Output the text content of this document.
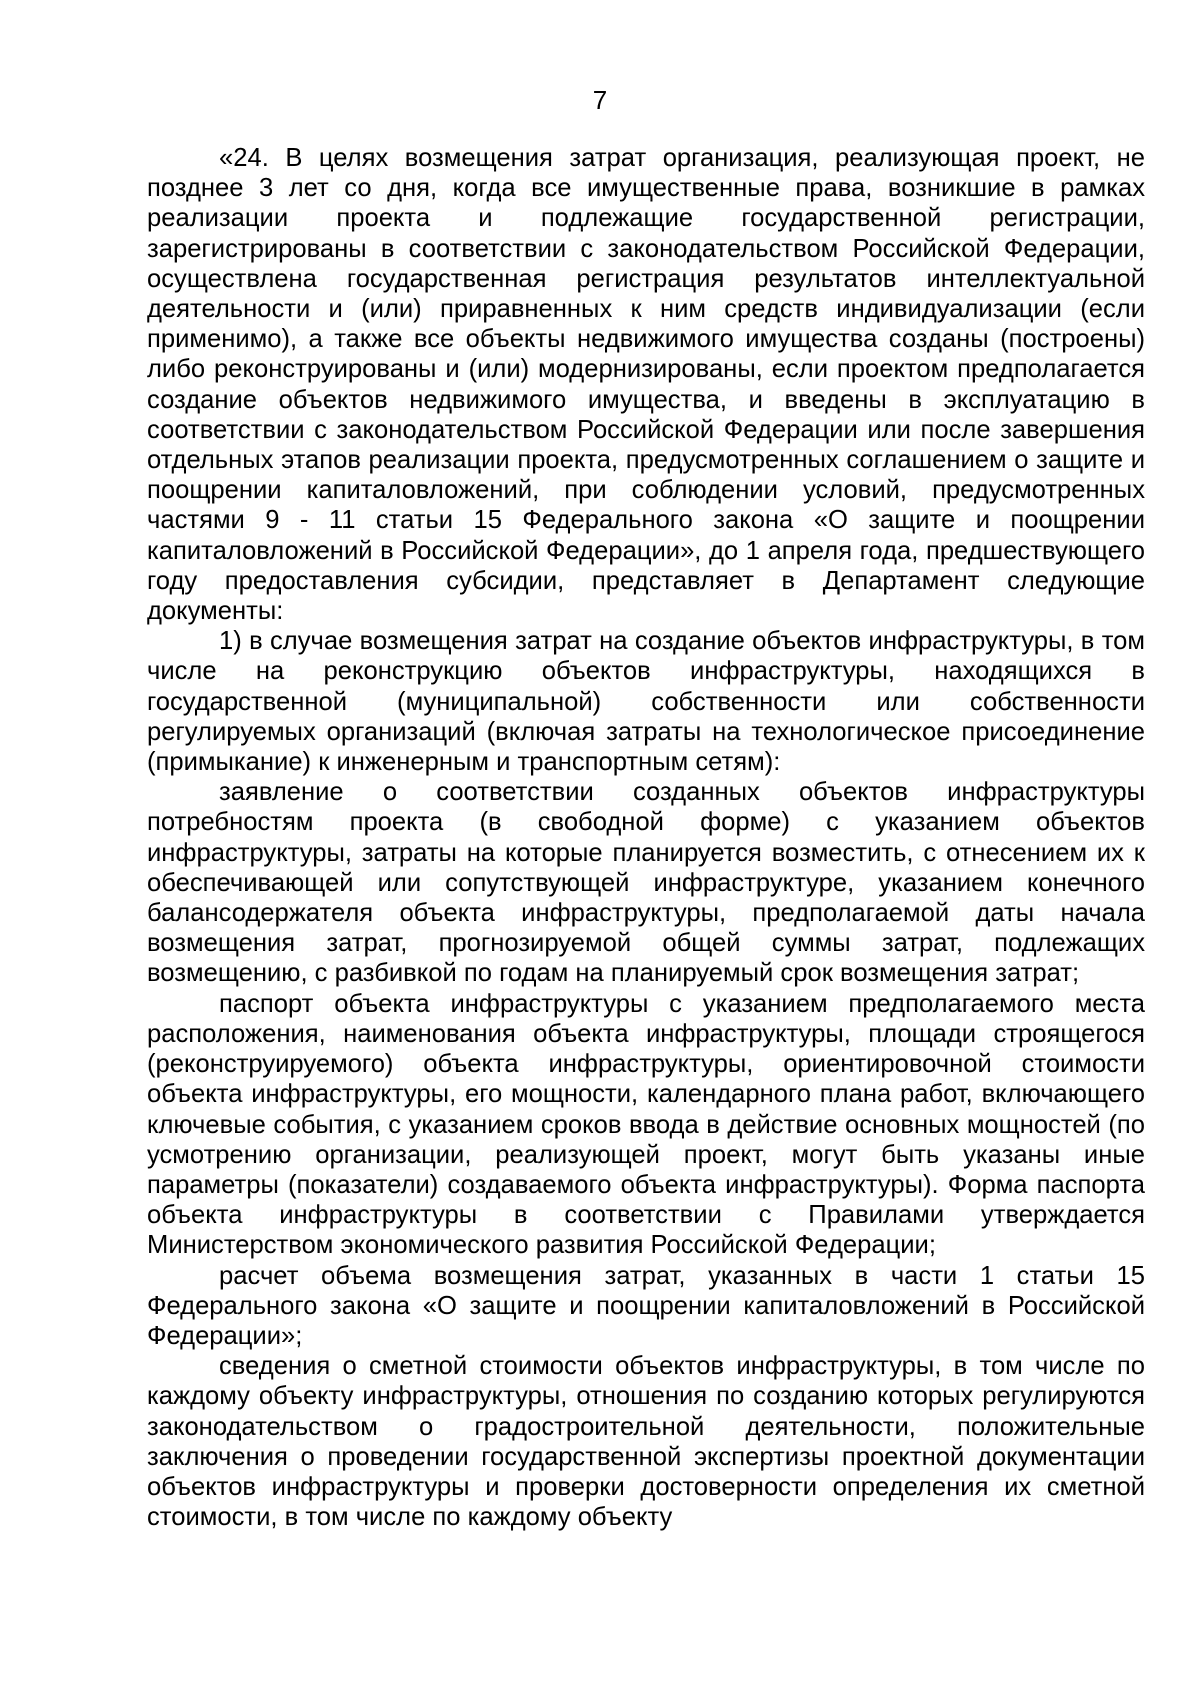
7

«24. В целях возмещения затрат организация, реализующая проект, не позднее 3 лет со дня, когда все имущественные права, возникшие в рамках реализации проекта и подлежащие государственной регистрации, зарегистрированы в соответствии с законодательством Российской Федерации, осуществлена государственная регистрация результатов интеллектуальной деятельности и (или) приравненных к ним средств индивидуализации (если применимо), а также все объекты недвижимого имущества созданы (построены) либо реконструированы и (или) модернизированы, если проектом предполагается создание объектов недвижимого имущества, и введены в эксплуатацию в соответствии с законодательством Российской Федерации или после завершения отдельных этапов реализации проекта, предусмотренных соглашением о защите и поощрении капиталовложений, при соблюдении условий, предусмотренных частями 9 - 11 статьи 15 Федерального закона «О защите и поощрении капиталовложений в Российской Федерации», до 1 апреля года, предшествующего году предоставления субсидии, представляет в Департамент следующие документы:

1) в случае возмещения затрат на создание объектов инфраструктуры, в том числе на реконструкцию объектов инфраструктуры, находящихся в государственной (муниципальной) собственности или собственности регулируемых организаций (включая затраты на технологическое присоединение (примыкание) к инженерным и транспортным сетям):

заявление о соответствии созданных объектов инфраструктуры потребностям проекта (в свободной форме) с указанием объектов инфраструктуры, затраты на которые планируется возместить, с отнесением их к обеспечивающей или сопутствующей инфраструктуре, указанием конечного балансодержателя объекта инфраструктуры, предполагаемой даты начала возмещения затрат, прогнозируемой общей суммы затрат, подлежащих возмещению, с разбивкой по годам на планируемый срок возмещения затрат;

паспорт объекта инфраструктуры с указанием предполагаемого места расположения, наименования объекта инфраструктуры, площади строящегося (реконструируемого) объекта инфраструктуры, ориентировочной стоимости объекта инфраструктуры, его мощности, календарного плана работ, включающего ключевые события, с указанием сроков ввода в действие основных мощностей (по усмотрению организации, реализующей проект, могут быть указаны иные параметры (показатели) создаваемого объекта инфраструктуры). Форма паспорта объекта инфраструктуры в соответствии с Правилами утверждается Министерством экономического развития Российской Федерации;

расчет объема возмещения затрат, указанных в части 1 статьи 15 Федерального закона «О защите и поощрении капиталовложений в Российской Федерации»;

сведения о сметной стоимости объектов инфраструктуры, в том числе по каждому объекту инфраструктуры, отношения по созданию которых регулируются законодательством о градостроительной деятельности, положительные заключения о проведении государственной экспертизы проектной документации объектов инфраструктуры и проверки достоверности определения их сметной стоимости, в том числе по каждому объекту
